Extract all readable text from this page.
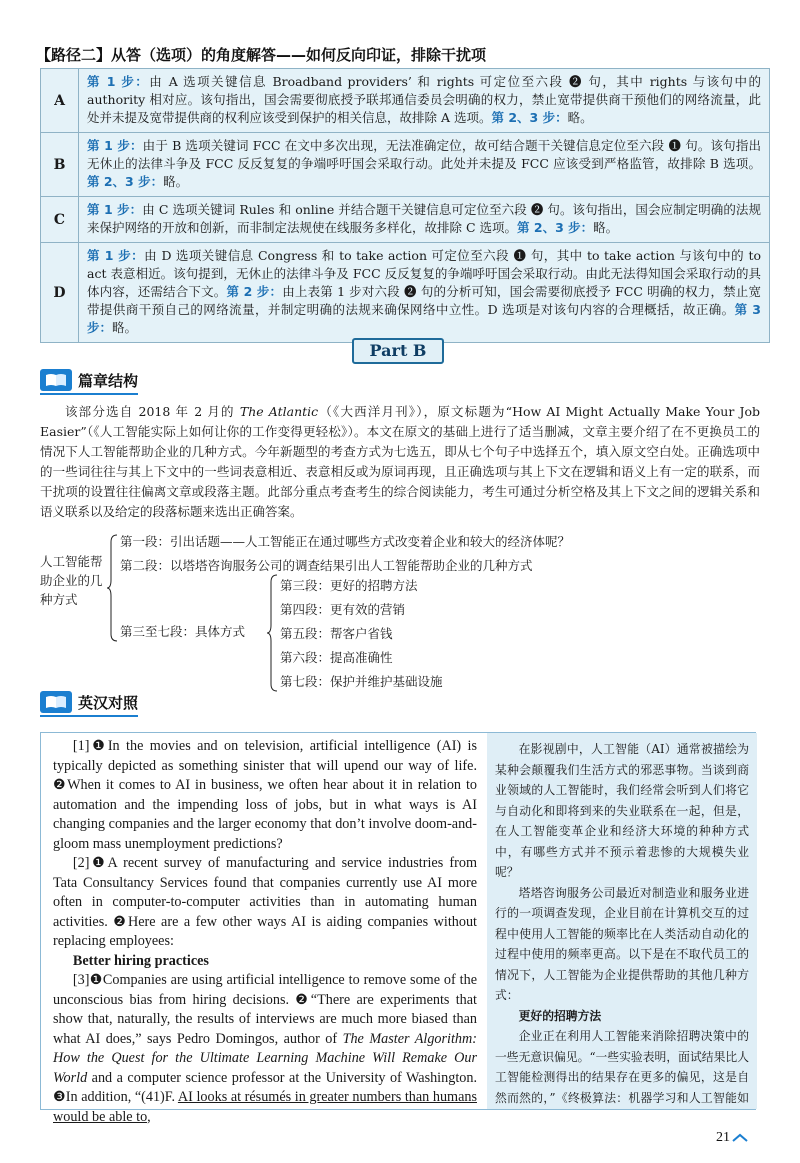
【路径二】从答（选项）的角度解答——如何反向印证，排除干扰项
A	第 1 步：由 A 选项关键信息 Broadband providers’ 和 rights 可定位至六段 ❷ 句，其中 rights 与该句中的 authority 相对应。该句指出，国会需要彻底授予联邦通信委员会明确的权力，禁止宽带提供商干预他们的网络流量，此处并未提及宽带提供商的权利应该受到保护的相关信息，故排除 A 选项。第 2、3 步：略。
B	第 1 步：由于 B 选项关键词 FCC 在文中多次出现，无法准确定位，故可结合题干关键信息定位至六段 ❶ 句。该句指出无休止的法律斗争及 FCC 反反复复的争端呼吁国会采取行动。此处并未提及 FCC 应该受到严格监管，故排除 B 选项。第 2、3 步：略。
C	第 1 步：由 C 选项关键词 Rules 和 online 并结合题干关键信息可定位至六段 ❷ 句。该句指出，国会应制定明确的法规来保护网络的开放和创新，而非制定法规使在线服务多样化，故排除 C 选项。第 2、3 步：略。
D	第 1 步：由 D 选项关键信息 Congress 和 to take action 可定位至六段 ❶ 句，其中 to take action 与该句中的 to act 表意相近。该句提到，无休止的法律斗争及 FCC 反反复复的争端呼吁国会采取行动。由此无法得知国会采取行动的具体内容，还需结合下文。第 2 步：由上表第 1 步对六段 ❷ 句的分析可知，国会需要彻底授予 FCC 明确的权力，禁止宽带提供商干预自己的网络流量，并制定明确的法规来确保网络中立性。D 选项是对该句内容的合理概括，故正确。第 3 步：略。
Part B
篇章结构
该部分选自 2018 年 2 月的 The Atlantic（《大西洋月刊》），原文标题为“How AI Might Actually Make Your Job Easier”（《人工智能实际上如何让你的工作变得更轻松》）。本文在原文的基础上进行了适当删减，文章主要介绍了在不更换员工的情况下人工智能帮助企业的几种方式。今年新题型的考查方式为七选五，即从七个句子中选择五个，填入原文空白处。正确选项中的一些词往往与其上下文中的一些词表意相近、表意相反或为原词再现，且正确选项与其上下文在逻辑和语义上有一定的联系，而干扰项的设置往往偏离文章或段落主题。此部分重点考查考生的综合阅读能力，考生可通过分析空格及其上下文之间的逻辑关系和语义联系以及给定的段落标题来选出正确答案。
人工智能帮助企业的几种方式
第一段：引出话题——人工智能正在通过哪些方式改变着企业和较大的经济体呢？
第二段：以塔塔咨询服务公司的调查结果引出人工智能帮助企业的几种方式
第三至七段：具体方式
第三段：更好的招聘方法
第四段：更有效的营销
第五段：帮客户省钱
第六段：提高准确性
第七段：保护并维护基础设施
英汉对照

[1]❶In the movies and on television, artificial intelligence (AI) is typically depicted as something sinister that will upend our way of life. ❷When it comes to AI in business, we often hear about it in relation to automation and the impending loss of jobs, but in what ways is AI changing companies and the larger economy that don’t involve doom-and-gloom mass unemployment predictions?

[2]❶A recent survey of manufacturing and service industries from Tata Consultancy Services found that companies currently use AI more often in computer-to-computer activities than in automating human activities. ❷Here are a few other ways AI is aiding companies without replacing employees:

Better hiring practices

[3]❶Companies are using artificial intelligence to remove some of the unconscious bias from hiring decisions. ❷“There are experiments that show that, naturally, the results of interviews are much more biased than what AI does,” says Pedro Domingos, author of The Master Algorithm: How the Quest for the Ultimate Learning Machine Will Remake Our World and a computer science professor at the University of Washington. ❸In addition, “(41)F. AI looks at résumés in greater numbers than humans would be able to,

在影视剧中，人工智能（AI）通常被描绘为某种会颠覆我们生活方式的邪恶事物。当谈到商业领域的人工智能时，我们经常会听到人们将它与自动化和即将到来的失业联系在一起，但是，在人工智能变革企业和经济大环境的种种方式中，有哪些方式并不预示着悲惨的大规模失业呢？

塔塔咨询服务公司最近对制造业和服务业进行的一项调查发现，企业目前在计算机交互的过程中使用人工智能的频率比在人类活动自动化的过程中使用的频率更高。以下是在不取代员工的情况下，人工智能为企业提供帮助的其他几种方式：

更好的招聘方法

企业正在利用人工智能来消除招聘决策中的一些无意识偏见。“一些实验表明，面试结果比人工智能检测得出的结果存在更多的偏见，这是自然而然的，”《终极算法：机器学习和人工智能如

21
